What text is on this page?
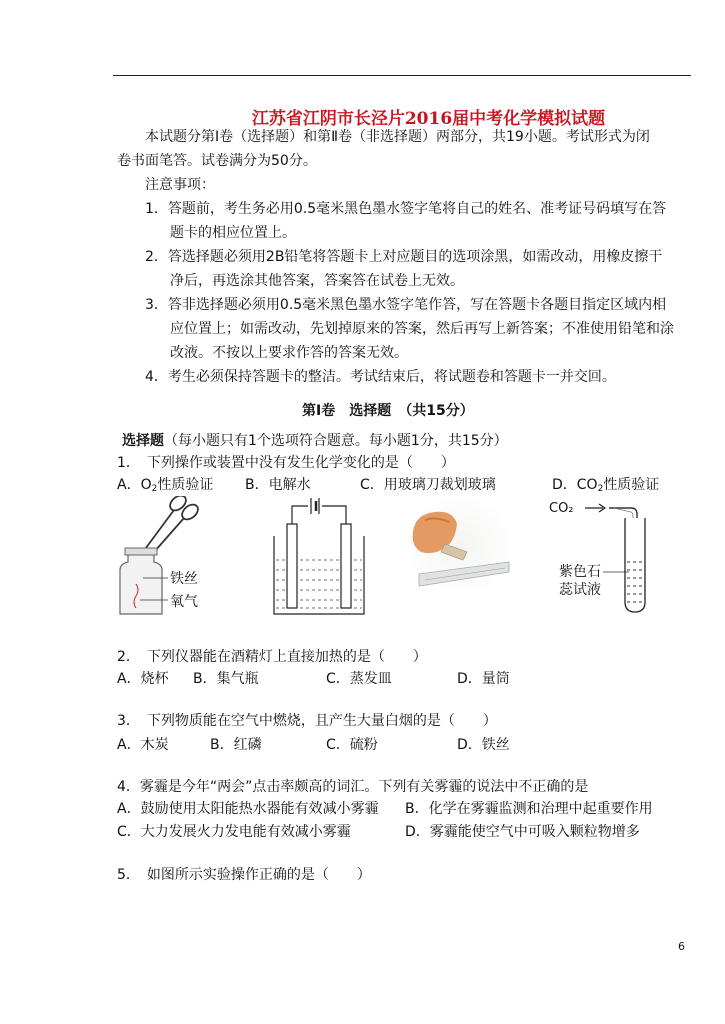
江苏省江阴市长泾片2016届中考化学模拟试题
本试题分第Ⅰ卷（选择题）和第Ⅱ卷（非选择题）两部分，共19小题。考试形式为闭
卷书面笔答。试卷满分为50分。
注意事项：
1．答题前，考生务必用0.5毫米黑色墨水签字笔将自己的姓名、准考证号码填写在答
题卡的相应位置上。
2．答选择题必须用2B铅笔将答题卡上对应题目的选项涂黑，如需改动，用橡皮擦干
净后，再选涂其他答案，答案答在试卷上无效。
3．答非选择题必须用0.5毫米黑色墨水签字笔作答，写在答题卡各题目指定区域内相
应位置上；如需改动，先划掉原来的答案，然后再写上新答案；不准使用铅笔和涂
改液。不按以上要求作答的答案无效。
4．考生必须保持答题卡的整洁。考试结束后，将试题卷和答题卡一并交回。
第Ⅰ卷　选择题　（共15分）
选择题（每小题只有1个选项符合题意。每小题1分，共15分）
1．　下列操作或装置中没有发生化学变化的是（　　）
A．$O_2$性质验证 B．电解水	C．用玻璃刀裁划玻璃	D．$CO_2$性质验证
铁丝
氧气
CO₂
紫色石
蕊试液
2．　下列仪器能在酒精灯上直接加热的是（　　）
A．烧杯 B．集气瓶	C．蒸发皿	D．量筒
3．　下列物质能在空气中燃烧，且产生大量白烟的是（　　）
A．木炭	B．红磷	C．硫粉	D．铁丝
4．雾霾是今年“两会”点击率颇高的词汇。下列有关雾霾的说法中不正确的是
A．鼓励使用太阳能热水器能有效减小雾霾 B．化学在雾霾监测和治理中起重要作用
C．大力发展火力发电能有效减小雾霾	D．雾霾能使空气中可吸入颗粒物增多
5．　如图所示实验操作正确的是（　　）
6
